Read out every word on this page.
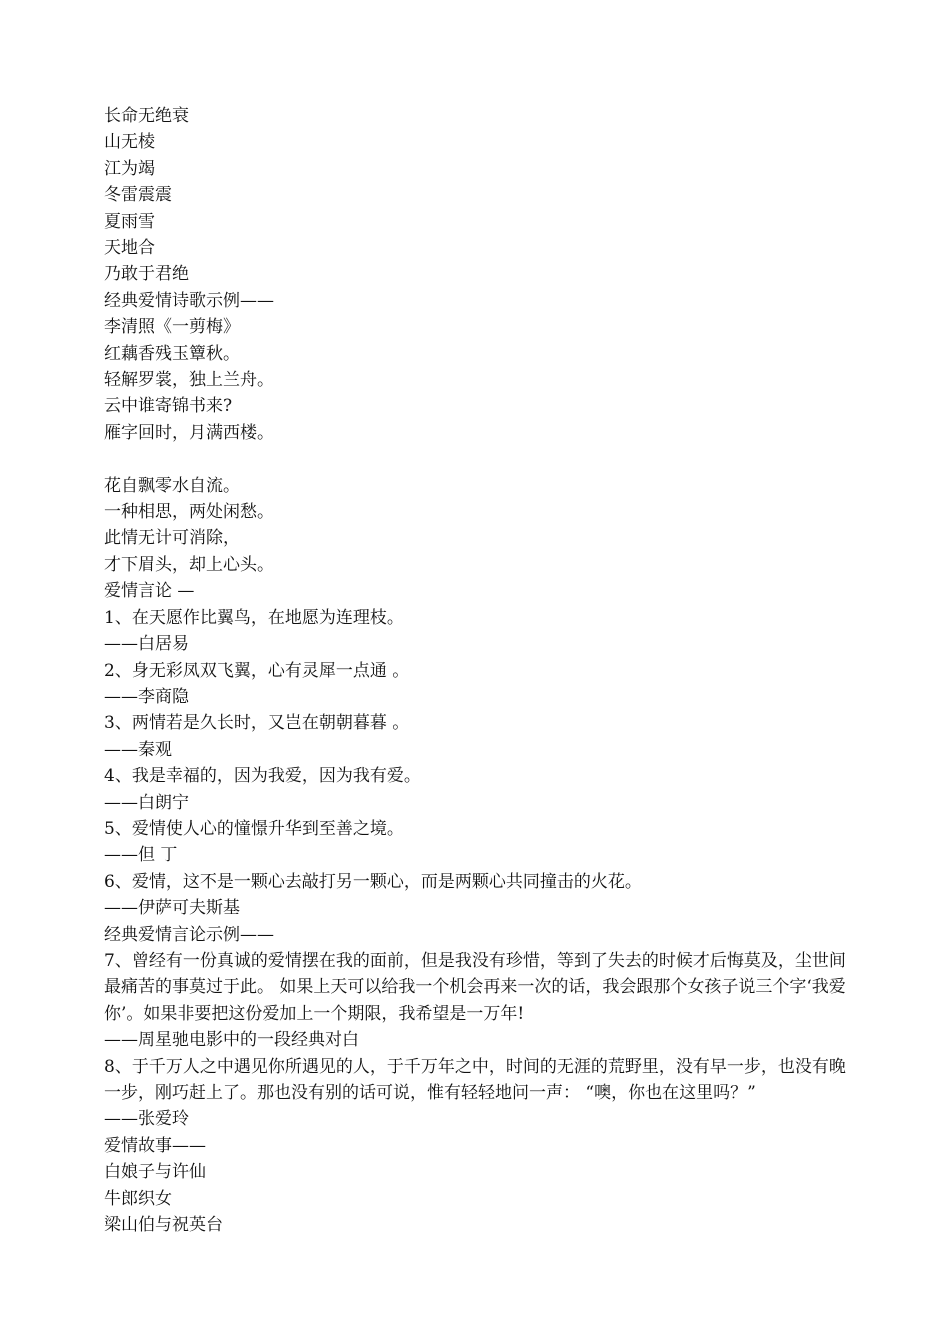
长命无绝衰
山无棱
江为竭
冬雷震震
夏雨雪
天地合
乃敢于君绝
经典爱情诗歌示例——
李清照《一剪梅》
红藕香残玉簟秋。
轻解罗裳，独上兰舟。
云中谁寄锦书来?
雁字回时，月满西楼。
花自飘零水自流。
一种相思，两处闲愁。
此情无计可消除，
才下眉头，却上心头。
爱情言论 —
1、在天愿作比翼鸟，在地愿为连理枝。
——白居易
2、身无彩凤双飞翼，心有灵犀一点通 。
——李商隐
3、两情若是久长时，又岂在朝朝暮暮 。
——秦观
4、我是幸福的，因为我爱，因为我有爱。
——白朗宁
5、爱情使人心的憧憬升华到至善之境。
——但 丁
6、爱情，这不是一颗心去敲打另一颗心，而是两颗心共同撞击的火花。
——伊萨可夫斯基
经典爱情言论示例——
7、曾经有一份真诚的爱情摆在我的面前，但是我没有珍惜，等到了失去的时候才后悔莫及，尘世间最痛苦的事莫过于此。 如果上天可以给我一个机会再来一次的话，我会跟那个女孩子说三个字‘我爱你’。如果非要把这份爱加上一个期限，我希望是一万年!
——周星驰电影中的一段经典对白
8、于千万人之中遇见你所遇见的人，于千万年之中，时间的无涯的荒野里，没有早一步，也没有晚一步，刚巧赶上了。那也没有别的话可说，惟有轻轻地问一声： “噢，你也在这里吗？”
——张爱玲
爱情故事——
白娘子与许仙
牛郎织女
梁山伯与祝英台
